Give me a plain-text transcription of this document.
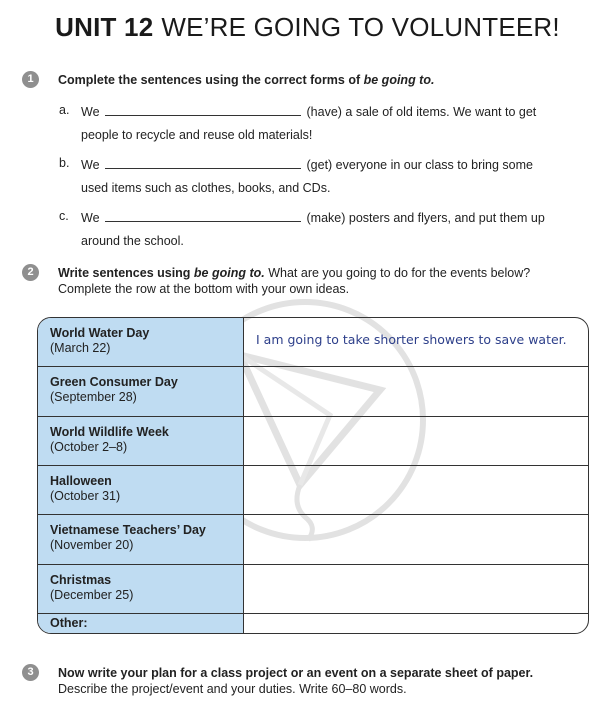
UNIT 12 WE’RE GOING TO VOLUNTEER!
1	Complete the sentences using the correct forms of be going to.
a. We	(have) a sale of old items. We want to get
people to recycle and reuse old materials!
b. We	(get) everyone in our class to bring some
used items such as clothes, books, and CDs.
c. We	(make) posters and flyers, and put them up
around the school.
2	Write sentences using be going to. What are you going to do for the events below?
Complete the row at the bottom with your own ideas.
World Water Day
(March 22)	I am going to take shorter showers to save water.

Green Consumer Day
(September 28)	

World Wildlife Week
(October 2–8)	

Halloween
(October 31)	

Vietnamese Teachers’ Day
(November 20)	

Christmas
(December 25)	

Other:	

3	Now write your plan for a class project or an event on a separate sheet of paper.
Describe the project/event and your duties. Write 60–80 words.
